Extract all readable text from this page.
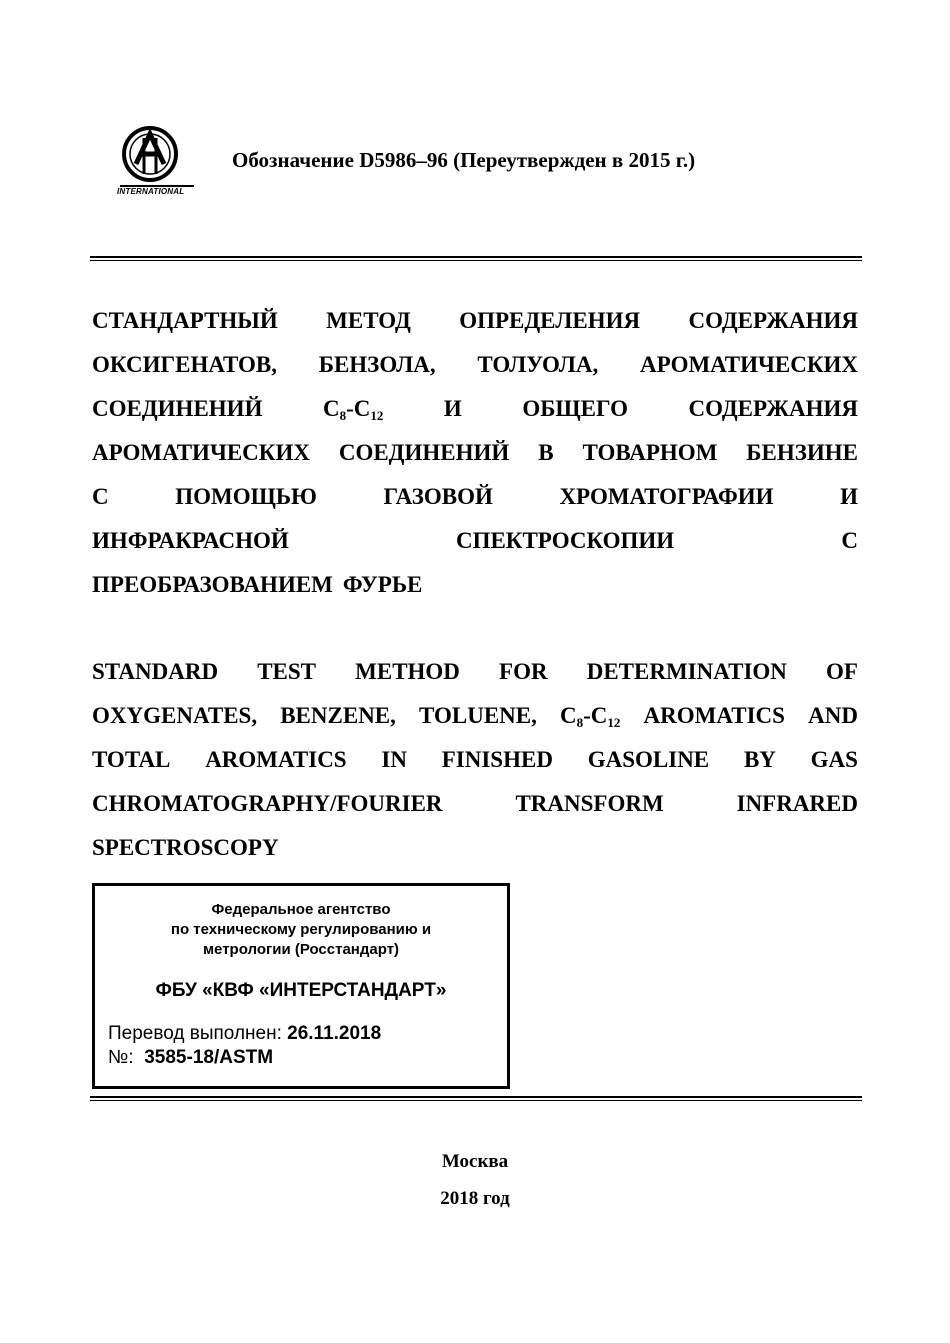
INTERNATIONAL
Обозначение D5986–96 (Переутвержден в 2015 г.)
СТАНДАРТНЫЙ МЕТОД ОПРЕДЕЛЕНИЯ СОДЕРЖАНИЯ
ОКСИГЕНАТОВ, БЕНЗОЛА, ТОЛУОЛА, АРОМАТИЧЕСКИХ
СОЕДИНЕНИЙ	$C_8-C_{12}$	И	ОБЩЕГО	СОДЕРЖАНИЯ
АРОМАТИЧЕСКИХ СОЕДИНЕНИЙ В ТОВАРНОМ БЕНЗИНЕ
С	ПОМОЩЬЮ	ГАЗОВОЙ	ХРОМАТОГРАФИИ	И
ИНФРАКРАСНОЙ	СПЕКТРОСКОПИИ	С
ПРЕОБРАЗОВАНИЕМ ФУРЬЕ
STANDARD TEST METHOD FOR DETERMINATION OF
OXYGENATES, BENZENE, TOLUENE, $C_8-C_{12}$ AROMATICS AND
TOTAL AROMATICS IN FINISHED GASOLINE BY GAS
CHROMATOGRAPHY/FOURIER	TRANSFORM	INFRARED
SPECTROSCOPY
Федеральное агентство
по техническому регулированию и
метрологии (Росстандарт)
ФБУ «КВФ «ИНТЕРСТАНДАРТ»
Перевод выполнен: 26.11.2018
№: 3585-18/ASTM
Москва
2018 год
